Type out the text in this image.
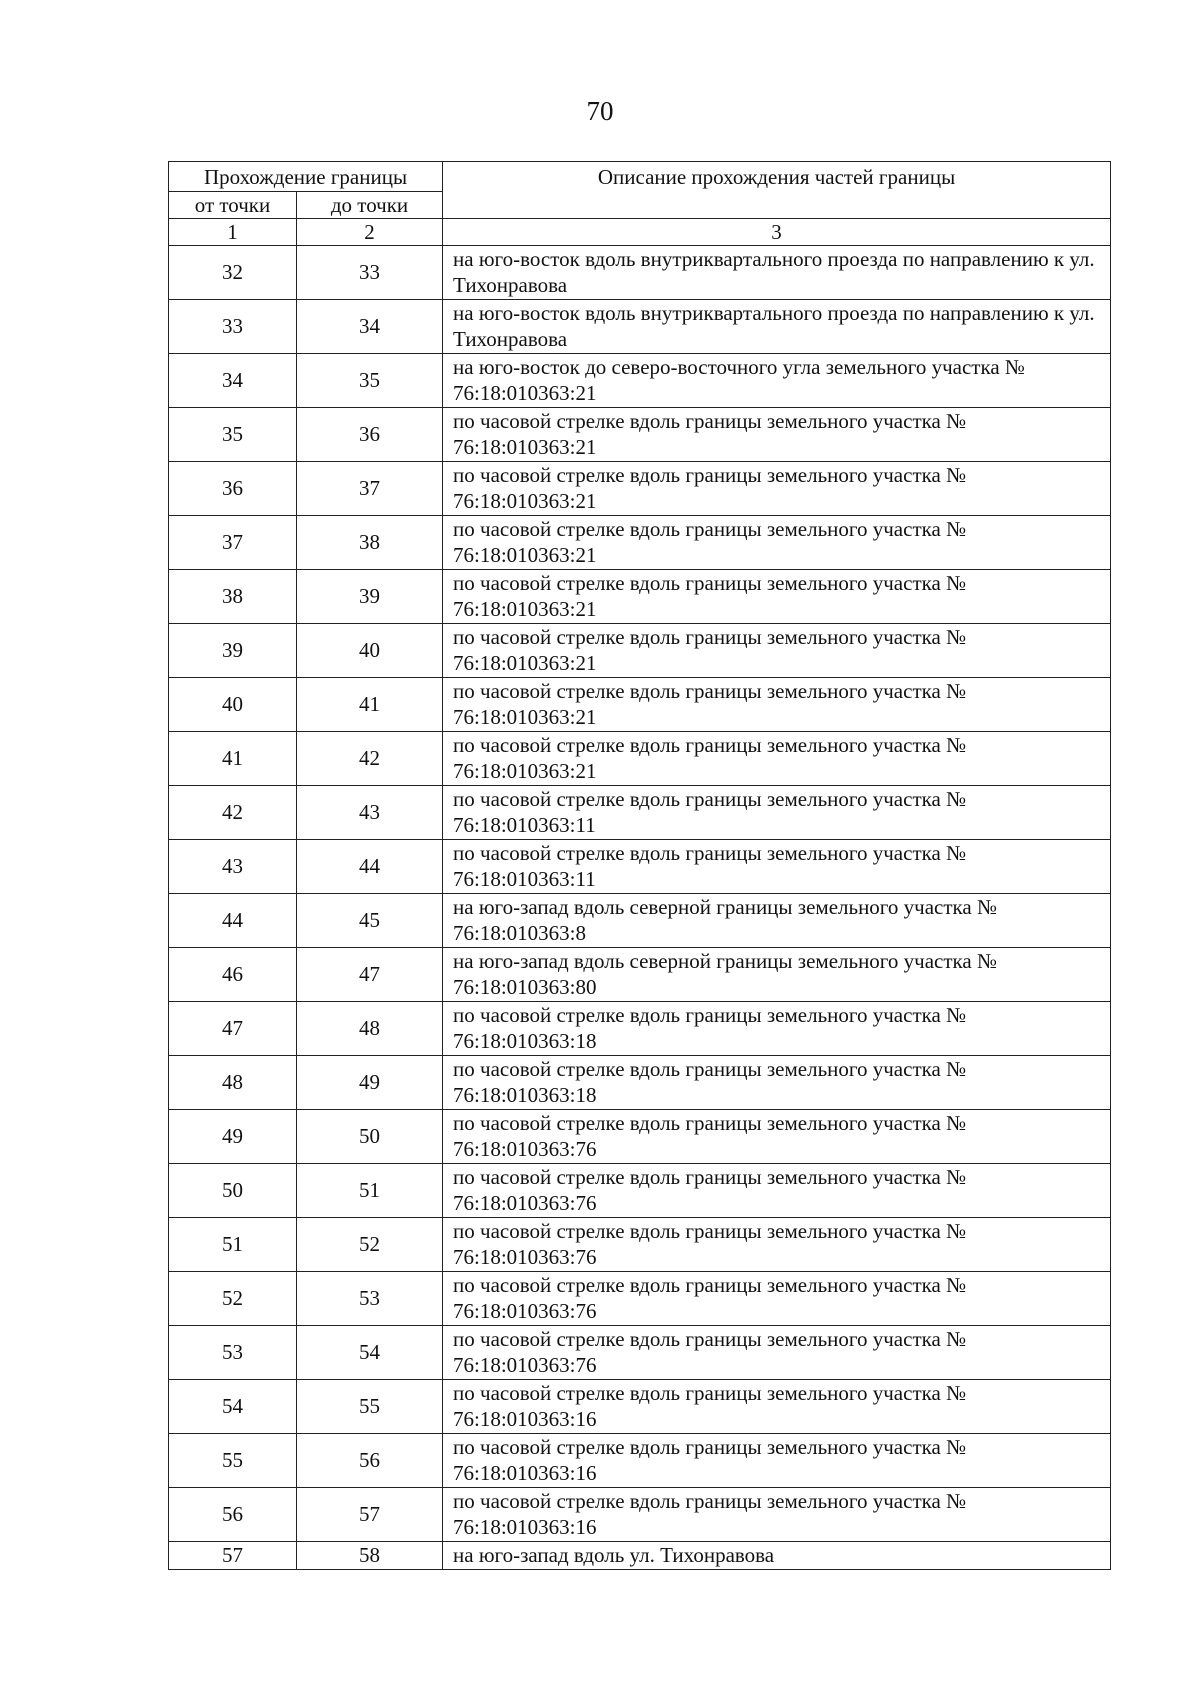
70
Прохождение границы		Описание прохождения частей границы
от точки	до точки	
1	2	3
32	33	на юго-восток вдоль внутриквартального проезда по направлению к ул. Тихонравова
33	34	на юго-восток вдоль внутриквартального проезда по направлению к ул. Тихонравова
34	35	на юго-восток до северо-восточного угла земельного участка № 76:18:010363:21
35	36	по часовой стрелке вдоль границы земельного участка № 76:18:010363:21
36	37	по часовой стрелке вдоль границы земельного участка № 76:18:010363:21
37	38	по часовой стрелке вдоль границы земельного участка № 76:18:010363:21
38	39	по часовой стрелке вдоль границы земельного участка № 76:18:010363:21
39	40	по часовой стрелке вдоль границы земельного участка № 76:18:010363:21
40	41	по часовой стрелке вдоль границы земельного участка № 76:18:010363:21
41	42	по часовой стрелке вдоль границы земельного участка № 76:18:010363:21
42	43	по часовой стрелке вдоль границы земельного участка № 76:18:010363:11
43	44	по часовой стрелке вдоль границы земельного участка № 76:18:010363:11
44	45	на юго-запад вдоль северной границы земельного участка № 76:18:010363:8
46	47	на юго-запад вдоль северной границы земельного участка № 76:18:010363:80
47	48	по часовой стрелке вдоль границы земельного участка № 76:18:010363:18
48	49	по часовой стрелке вдоль границы земельного участка № 76:18:010363:18
49	50	по часовой стрелке вдоль границы земельного участка № 76:18:010363:76
50	51	по часовой стрелке вдоль границы земельного участка № 76:18:010363:76
51	52	по часовой стрелке вдоль границы земельного участка № 76:18:010363:76
52	53	по часовой стрелке вдоль границы земельного участка № 76:18:010363:76
53	54	по часовой стрелке вдоль границы земельного участка № 76:18:010363:76
54	55	по часовой стрелке вдоль границы земельного участка № 76:18:010363:16
55	56	по часовой стрелке вдоль границы земельного участка № 76:18:010363:16
56	57	по часовой стрелке вдоль границы земельного участка № 76:18:010363:16
57	58	на юго-запад вдоль ул. Тихонравова
